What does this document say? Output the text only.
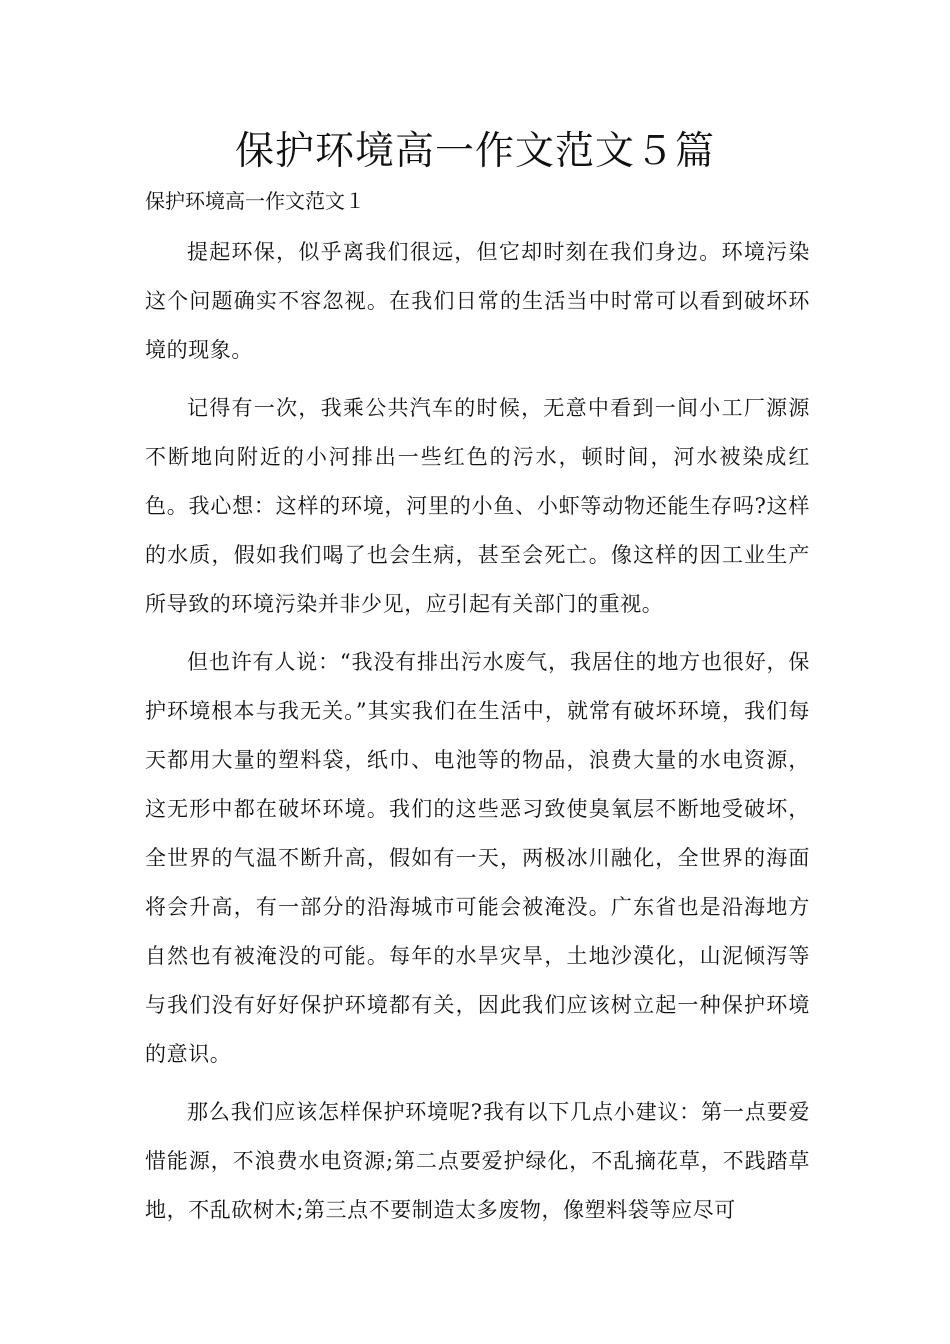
保护环境高一作文范文５篇

保护环境高一作文范文１

提起环保，似乎离我们很远，但它却时刻在我们身边。环境污染这个问题确实不容忽视。在我们日常的生活当中时常可以看到破坏环境的现象。

记得有一次，我乘公共汽车的时候，无意中看到一间小工厂源源不断地向附近的小河排出一些红色的污水，顿时间，河水被染成红色。我心想：这样的环境，河里的小鱼、小虾等动物还能生存吗?这样的水质，假如我们喝了也会生病，甚至会死亡。像这样的因工业生产所导致的环境污染并非少见，应引起有关部门的重视。

但也许有人说：“我没有排出污水废气，我居住的地方也很好，保护环境根本与我无关。”其实我们在生活中，就常有破坏环境，我们每天都用大量的塑料袋，纸巾、电池等的物品，浪费大量的水电资源，这无形中都在破坏环境。我们的这些恶习致使臭氧层不断地受破坏，全世界的气温不断升高，假如有一天，两极冰川融化，全世界的海面将会升高，有一部分的沿海城市可能会被淹没。广东省也是沿海地方自然也有被淹没的可能。每年的水旱灾旱，土地沙漠化，山泥倾泻等与我们没有好好保护环境都有关，因此我们应该树立起一种保护环境的意识。

那么我们应该怎样保护环境呢?我有以下几点小建议：第一点要爱惜能源，不浪费水电资源;第二点要爱护绿化，不乱摘花草，不践踏草地，不乱砍树木;第三点不要制造太多废物，像塑料袋等应尽可
